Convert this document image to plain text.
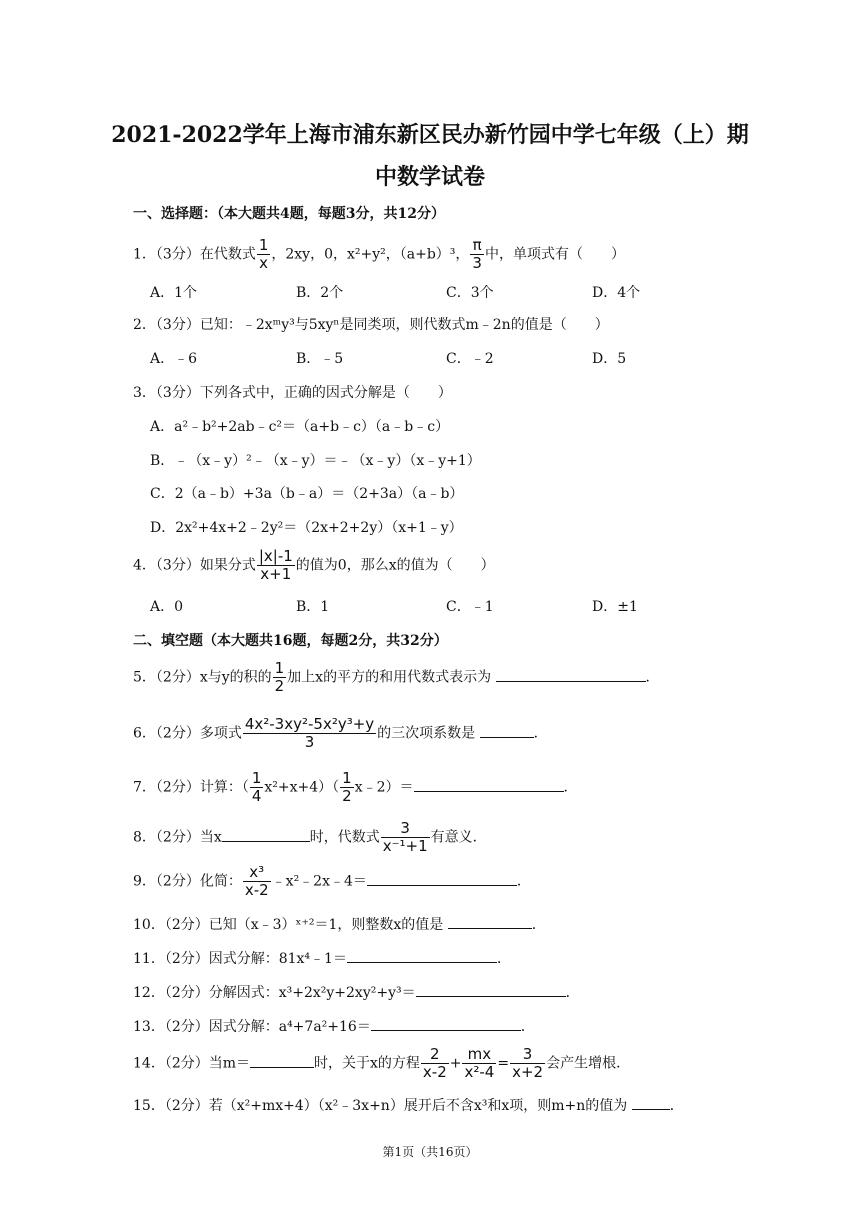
2021-2022学年上海市浦东新区民办新竹园中学七年级（上）期
中数学试卷
一、选择题：（本大题共4题，每题3分，共12分）
1．（3分）在代数式 $\frac{1}{x}$ ，2xy，0，x²+y²，（a+b）³， $\frac{\pi}{3}$ 中，单项式有（　　）
A．1个	B．2个	C．3个	D．4个
2．（3分）已知：﹣2xᵐy³与5xyⁿ是同类项，则代数式m﹣2n的值是（　　）
A．﹣6	B．﹣5	C．﹣2	D．5
3．（3分）下列各式中，正确的因式分解是（　　）
A．a²﹣b²+2ab﹣c²＝（a+b﹣c）（a﹣b﹣c）
B．﹣（x﹣y）²﹣（x﹣y）＝﹣（x﹣y）（x﹣y+1）
C．2（a﹣b）+3a（b﹣a）＝（2+3a）（a﹣b）
D．2x²+4x+2﹣2y²＝（2x+2+2y）（x+1﹣y）
4．（3分）如果分式 $\frac{|x|-1}{x+1}$ 的值为0，那么x的值为（　　）
A．0	B．1	C．﹣1	D．±1
二、填空题（本大题共16题，每题2分，共32分）
5．（2分）x与y的积的 $\frac{1}{2}$ 加上x的平方的和用代数式表示为	．
6．（2分）多项式 $\frac{\text{4x²-3xy²-5x²y³+y}}{3}$ 的三次项系数是	．
7．（2分）计算：（ $\frac{1}{4} x^2+x+4)( \frac{1}{2}$ x﹣2）＝	．
8．（2分）当x	时，代数式 $\frac{3}{\text{x⁻¹+1}}$ 有意义．
9．（2分）化简： $\frac{\text{x³}}{x-2}$ ﹣x²﹣2x﹣4＝	．
10．（2分）已知（x﹣3）ˣ⁺²＝1，则整数x的值是	．
11．（2分）因式分解：81x⁴﹣1＝	．
12．（2分）分解因式：x³+2x²y+2xy²+y³＝	．
13．（2分）因式分解：a⁴+7a²+16＝	．
14．（2分）当m＝	时，关于x的方程 $\frac{2}{x-2} + \frac{mx}{\text{x²-4}} = \frac{3}{x+2}$ 会产生增根．
15．（2分）若（x²+mx+4）（x²﹣3x+n）展开后不含x³和x项，则m+n的值为	．
第1页（共16页）
